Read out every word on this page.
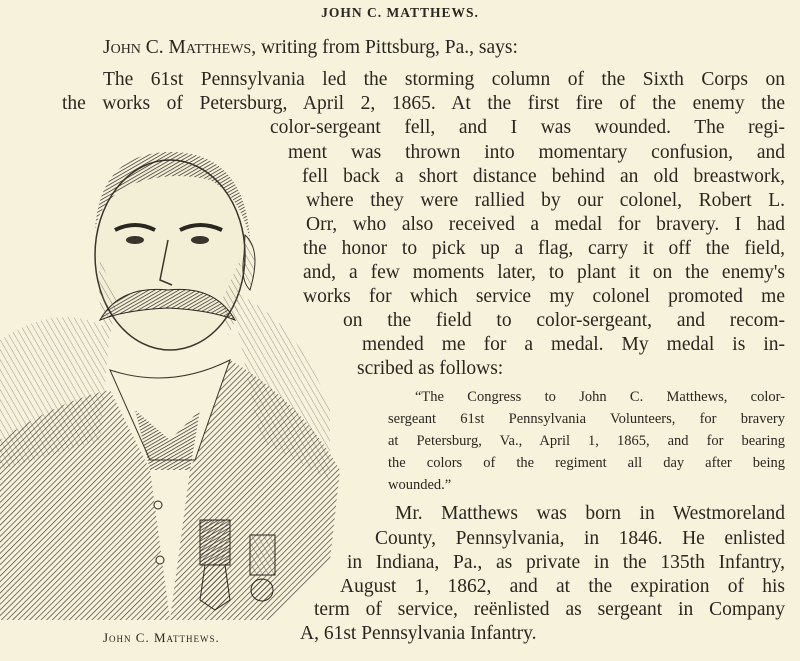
JOHN C. MATTHEWS.
John C. Matthews, writing from Pittsburg, Pa., says:
The 61st Pennsylvania led the storming column of the Sixth Corps on
the works of Petersburg, April 2, 1865. At the first fire of the enemy the
color-sergeant fell, and I was wounded. The regi-
ment was thrown into momentary confusion, and
fell back a short distance behind an old breastwork,
where they were rallied by our colonel, Robert L.
Orr, who also received a medal for bravery. I had
the honor to pick up a flag, carry it off the field,
and, a few moments later, to plant it on the enemy's
works for which service my colonel promoted me
on the field to color-sergeant, and recom-
mended me for a medal. My medal is in-
scribed as follows:
“The Congress to John C. Matthews, color-
sergeant 61st Pennsylvania Volunteers, for bravery
at Petersburg, Va., April 1, 1865, and for bearing
the colors of the regiment all day after being
wounded.”
Mr. Matthews was born in Westmoreland
County, Pennsylvania, in 1846. He enlisted
in Indiana, Pa., as private in the 135th Infantry,
August 1, 1862, and at the expiration of his
term of service, reënlisted as sergeant in Company
A, 61st Pennsylvania Infantry.
John C. Matthews.
